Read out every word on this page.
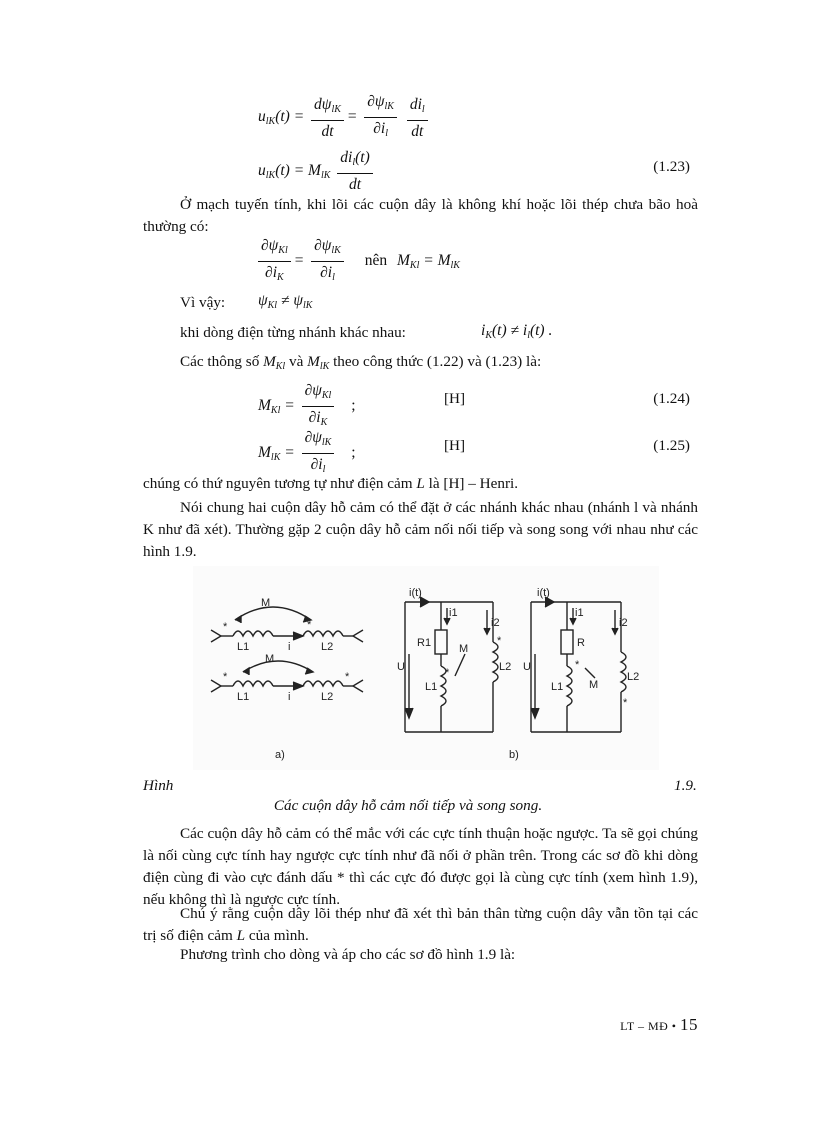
$u_{lK}(t) = \frac{d\psi_{lK}}{dt} = \frac{\partial\psi_{lK}}{\partial i_l}$
$\frac{di_l}{dt}$
$u_{lK}(t) = M_{lK} \frac{di_l(t)}{dt}$	(1.23)
Ở mạch tuyến tính, khi lõi các cuộn dây là không khí hoặc lõi thép chưa bão hoà thường có:
$\frac{\partial\psi_{Kl}}{\partial i_K} = \frac{\partial\psi_{lK}}{\partial i_l}$ nên $M_{Kl} = M_{lK}$
Vì vậy: $\psi_{Kl} \ne \psi_{lK}$
khi dòng điện từng nhánh khác nhau:	$i_K(t) \ne i_l(t)$ .
Các thông số $M_{Kl}$ và $M_{lK}$ theo công thức (1.22) và (1.23) là:
$M_{Kl} = \frac{\partial\psi_{Kl}}{\partial i_K}$ ;	[H]	(1.24)
$M_{lK} = \frac{\partial\psi_{lK}}{\partial i_l}$ ;	[H]	(1.25)
chúng có thứ nguyên tương tự như điện cảm L là [H] – Henri.
Nói chung hai cuộn dây hỗ cảm có thể đặt ở các nhánh khác nhau (nhánh l và nhánh K như đã xét). Thường gặp 2 cuộn dây hỗ cảm nối nối tiếp và song song với nhau như các hình 1.9.
M
*	*
L1	i	L2
M
*	*
L1	i	L2
a)
i(t)
i1
i2
R1	M
U
L1
L2
*
*
i(t)
i1
i2
R
M
U
L1
L2
*
*
b)
Hình	1.9.
Các cuộn dây hỗ cảm nối tiếp và song song.
Các cuộn dây hỗ cảm có thể mắc với các cực tính thuận hoặc ngược. Ta sẽ gọi chúng là nối cùng cực tính hay ngược cực tính như đã nối ở phần trên. Trong các sơ đồ khi dòng điện cùng đi vào cực đánh dấu * thì các cực đó được gọi là cùng cực tính (xem hình 1.9), nếu không thì là ngược cực tính.
Chú ý rằng cuộn dây lõi thép như đã xét thì bản thân từng cuộn dây vẫn tồn tại các trị số điện cảm L của mình.
Phương trình cho dòng và áp cho các sơ đồ hình 1.9 là:
LT – MĐ • 15
